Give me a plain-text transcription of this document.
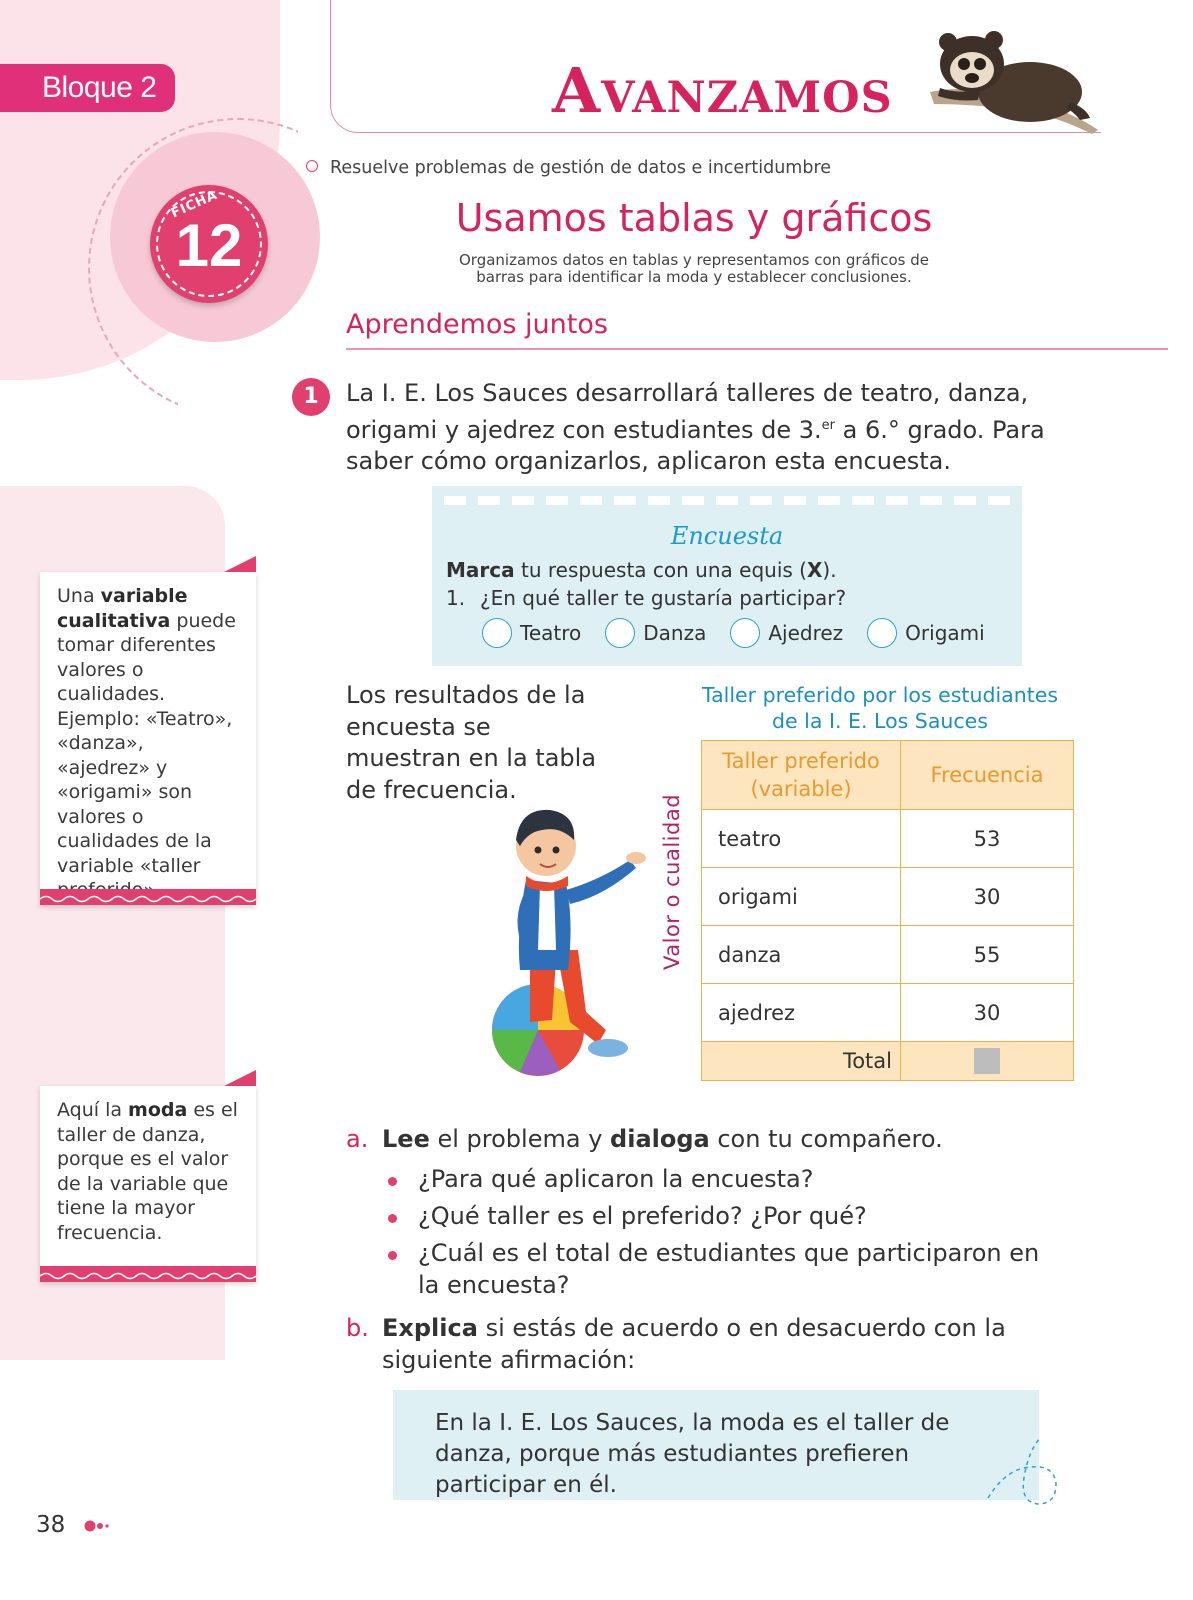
Bloque 2
FICHA
12
Una variable cualitativa puede tomar diferentes valores o cualidades. Ejemplo: «Teatro», «danza», «ajedrez» y «origami» son valores o cualidades de la variable «taller
Aquí la moda es el taller de danza, porque es el valor de la variable que tiene la mayor frecuencia.
Avanzamos
Resuelve problemas de gestión de datos e incertidumbre
Usamos tablas y gráficos
Organizamos datos en tablas y representamos con gráficos de barras para identificar la moda y establecer conclusiones.
Aprendemos juntos
1	La I. E. Los Sauces desarrollará talleres de teatro, danza, origami y ajedrez con estudiantes de 3.$^{er}$ a 6.° grado. Para saber cómo organizarlos, aplicaron esta encuesta.
Encuesta
Marca tu respuesta con una equis (X).
1. ¿En qué taller te gustaría participar?
Teatro	Danza	Ajedrez	Origami
Los resultados de la encuesta se muestran en la tabla de frecuencia.
Taller preferido por los estudiantes de la I. E. Los Sauces
Valor o cualidad
Taller preferido (variable)	Frecuencia
teatro	53
origami	30
danza	55
ajedrez	30
Total	
a. Lee el problema y dialoga con tu compañero.
¿Para qué aplicaron la encuesta?
¿Qué taller es el preferido? ¿Por qué?
¿Cuál es el total de estudiantes que participaron en la encuesta?
b. Explica si estás de acuerdo o en desacuerdo con la siguiente afirmación:
En la I. E. Los Sauces, la moda es el taller de danza, porque más estudiantes prefieren participar en él.
38
